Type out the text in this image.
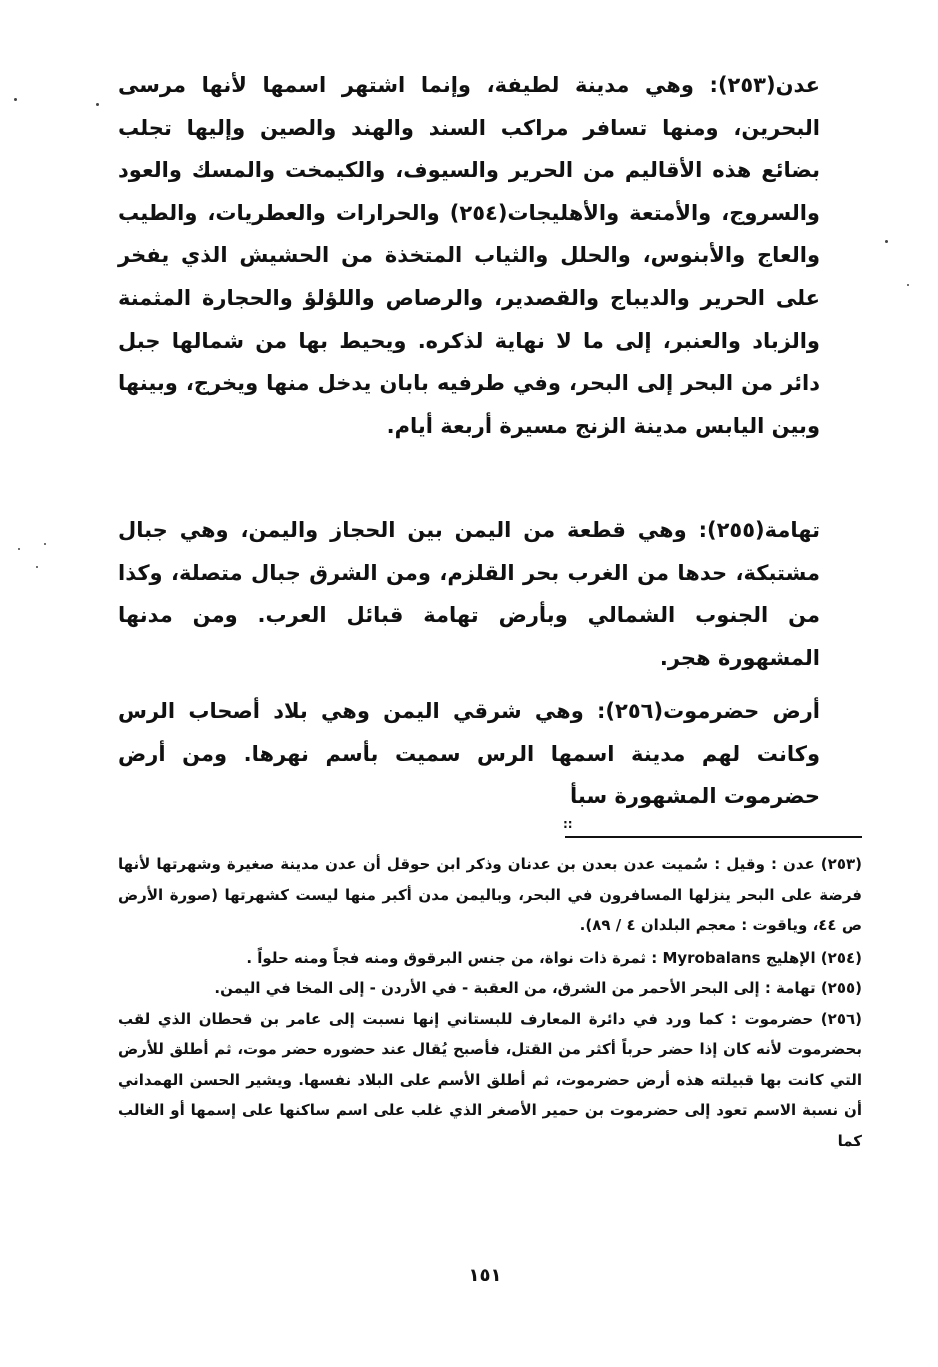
عدن(٢٥٣): وهي مدينة لطيفة، وإنما اشتهر اسمها لأنها مرسى البحرين، ومنها تسافر مراكب السند والهند والصين وإليها تجلب بضائع هذه الأقاليم من الحرير والسيوف، والكيمخت والمسك والعود والسروج، والأمتعة والأهليجات(٢٥٤) والحرارات والعطريات، والطيب والعاج والأبنوس، والحلل والثياب المتخذة من الحشيش الذي يفخر على الحرير والديباج والقصدير، والرصاص واللؤلؤ والحجارة المثمنة والزباد والعنبر، إلى ما لا نهاية لذكره. ويحيط بها من شمالها جبل دائر من البحر إلى البحر، وفي طرفيه بابان يدخل منها ويخرج، وبينها وبين اليابس مدينة الزنج مسيرة أربعة أيام.

تهامة(٢٥٥): وهي قطعة من اليمن بين الحجاز واليمن، وهي جبال مشتبكة، حدها من الغرب بحر القلزم، ومن الشرق جبال متصلة، وكذا من الجنوب الشمالي وبأرض تهامة قبائل العرب. ومن مدنها المشهورة هجر.

أرض حضرموت(٢٥٦): وهي شرقي اليمن وهي بلاد أصحاب الرس وكانت لهم مدينة اسمها الرس سميت بأسم نهرها. ومن أرض حضرموت المشهورة سبأ

::

(٢٥٣) عدن : وقيل : سُميت عدن بعدن بن عدنان وذكر ابن حوقل أن عدن مدينة صغيرة وشهرتها لأنها فرضة على البحر ينزلها المسافرون في البحر، وباليمن مدن أكبر منها ليست كشهرتها (صورة الأرض ص ٤٤، وياقوت : معجم البلدان ٤ / ٨٩).

(٢٥٤) الإهليج Myrobalans : ثمرة ذات نواة، من جنس البرقوق ومنه فجاً ومنه حلواً .

(٢٥٥) تهامة : إلى البحر الأحمر من الشرق، من العقبة - في الأردن - إلى المخا في اليمن.

(٢٥٦) حضرموت : كما ورد في دائرة المعارف للبستاني إنها نسبت إلى عامر بن قحطان الذي لقب بحضرموت لأنه كان إذا حضر حرباً أكثر من القتل، فأصبح يُقال عند حضوره حضر موت، ثم أطلق للأرض التي كانت بها قبيلته هذه أرض حضرموت، ثم أطلق الأسم على البلاد نفسها. ويشير الحسن الهمداني أن نسبة الاسم تعود إلى حضرموت بن حمير الأصغر الذي غلب على اسم ساكنها على إسمها أو الغالب كما

١٥١
